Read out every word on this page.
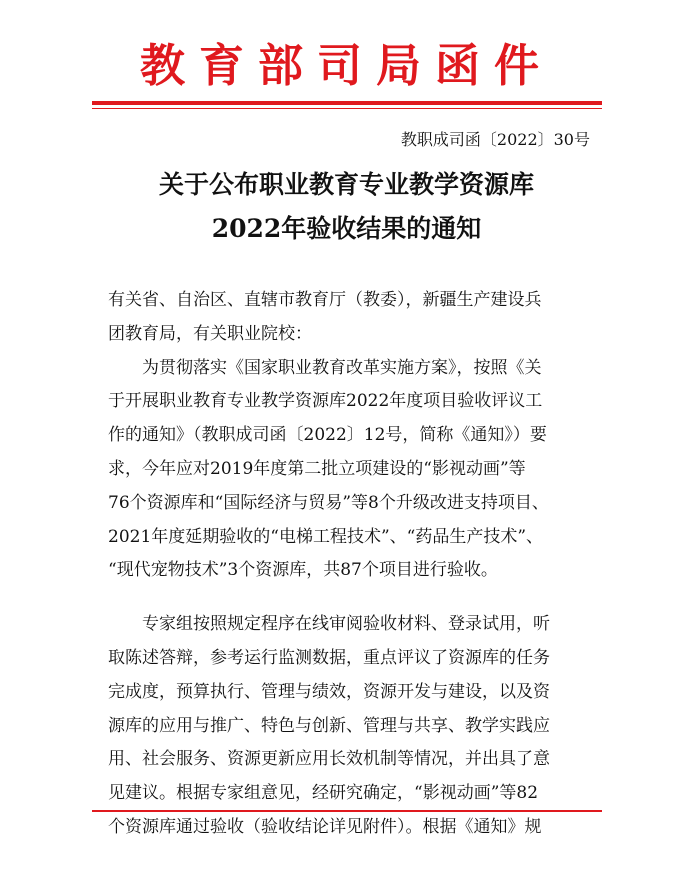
教育部司局函件
教职成司函〔2022〕30号
关于公布职业教育专业教学资源库
2022年验收结果的通知
有关省、自治区、直辖市教育厅（教委），新疆生产建设兵
团教育局，有关职业院校：
为贯彻落实《国家职业教育改革实施方案》，按照《关
于开展职业教育专业教学资源库2022年度项目验收评议工
作的通知》（教职成司函〔2022〕12号，简称《通知》）要
求，今年应对2019年度第二批立项建设的“影视动画”等
76个资源库和“国际经济与贸易”等8个升级改进支持项目、
2021年度延期验收的“电梯工程技术”、“药品生产技术”、
“现代宠物技术”3个资源库，共87个项目进行验收。
专家组按照规定程序在线审阅验收材料、登录试用，听
取陈述答辩，参考运行监测数据，重点评议了资源库的任务
完成度，预算执行、管理与绩效，资源开发与建设，以及资
源库的应用与推广、特色与创新、管理与共享、教学实践应
用、社会服务、资源更新应用长效机制等情况，并出具了意
见建议。根据专家组意见，经研究确定，“影视动画”等82
个资源库通过验收（验收结论详见附件）。根据《通知》规
